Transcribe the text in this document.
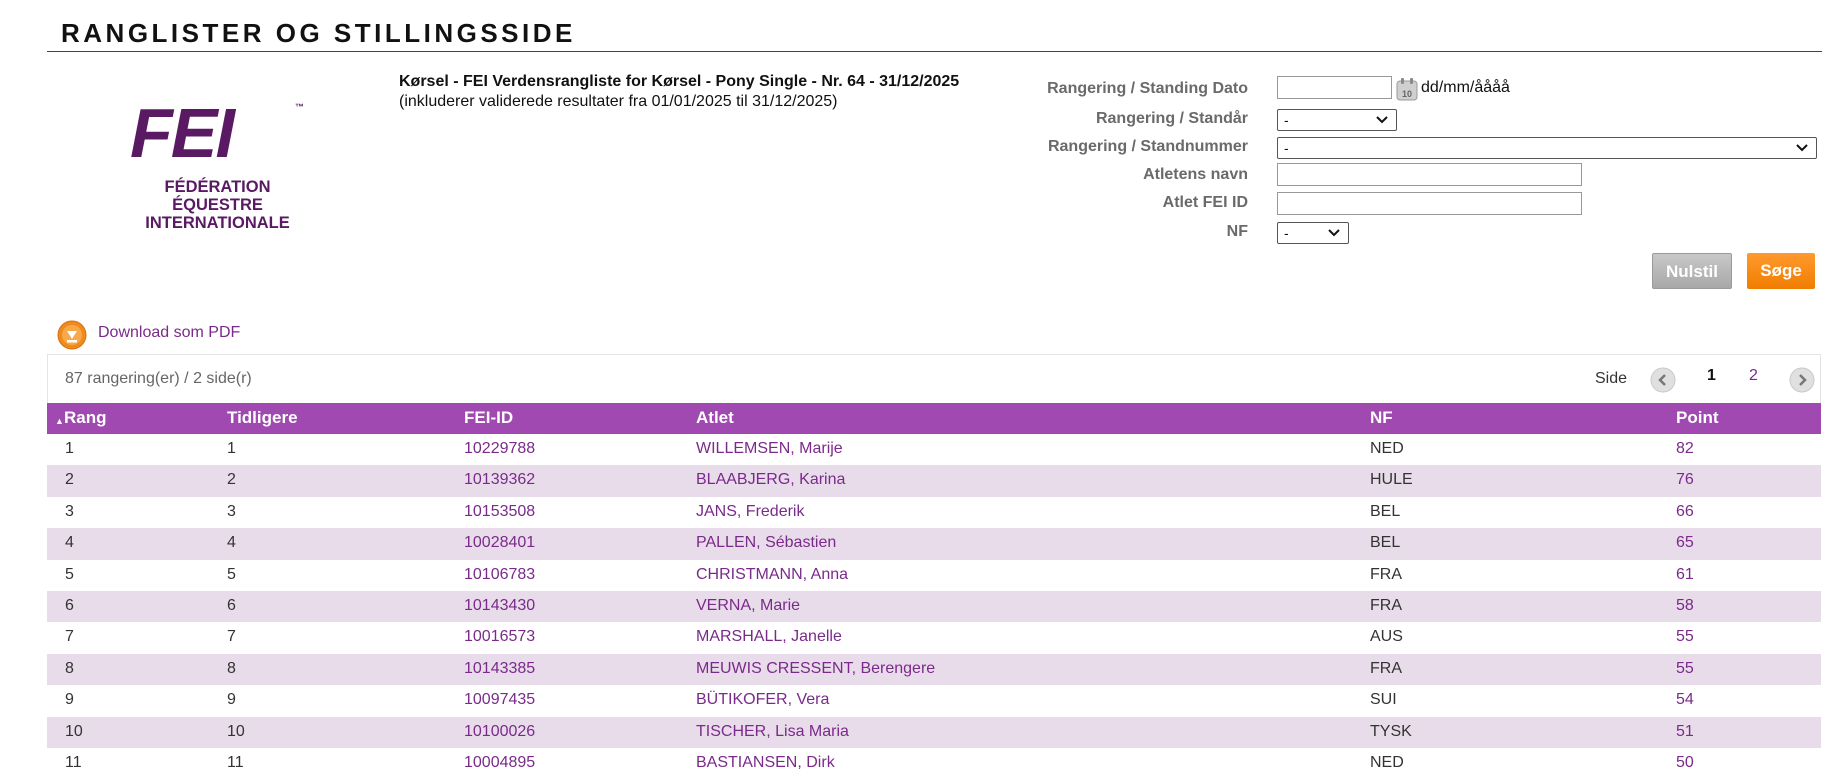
RANGLISTER OG STILLINGSSIDE
FEI	™
FÉDÉRATION
ÉQUESTRE
INTERNATIONALE
Kørsel - FEI Verdensrangliste for Kørsel - Pony Single - Nr. 64 - 31/12/2025
(inkluderer validerede resultater fra 01/01/2025 til 31/12/2025)
Rangering / Standing Dato	10 dd/mm/åååå
Rangering / Standår	-
Rangering / Standnummer	-
Atletens navn
Atlet FEI ID
NF	-
Nulstil	Søge
Download som PDF
87 rangering(er) / 2 side(r)	Side	1 2
▲ Rang	Tidligere	FEI-ID	Atlet	NF	Point
1	1	10229788	WILLEMSEN, Marije	NED	82
2	2	10139362	BLAABJERG, Karina	HULE	76
3	3	10153508	JANS, Frederik	BEL	66
4	4	10028401	PALLEN, Sébastien	BEL	65
5	5	10106783	CHRISTMANN, Anna	FRA	61
6	6	10143430	VERNA, Marie	FRA	58
7	7	10016573	MARSHALL, Janelle	AUS	55
8	8	10143385	MEUWIS CRESSENT, Berengere	FRA	55
9	9	10097435	BÜTIKOFER, Vera	SUI	54
10	10	10100026	TISCHER, Lisa Maria	TYSK	51
11	11	10004895	BASTIANSEN, Dirk	NED	50
